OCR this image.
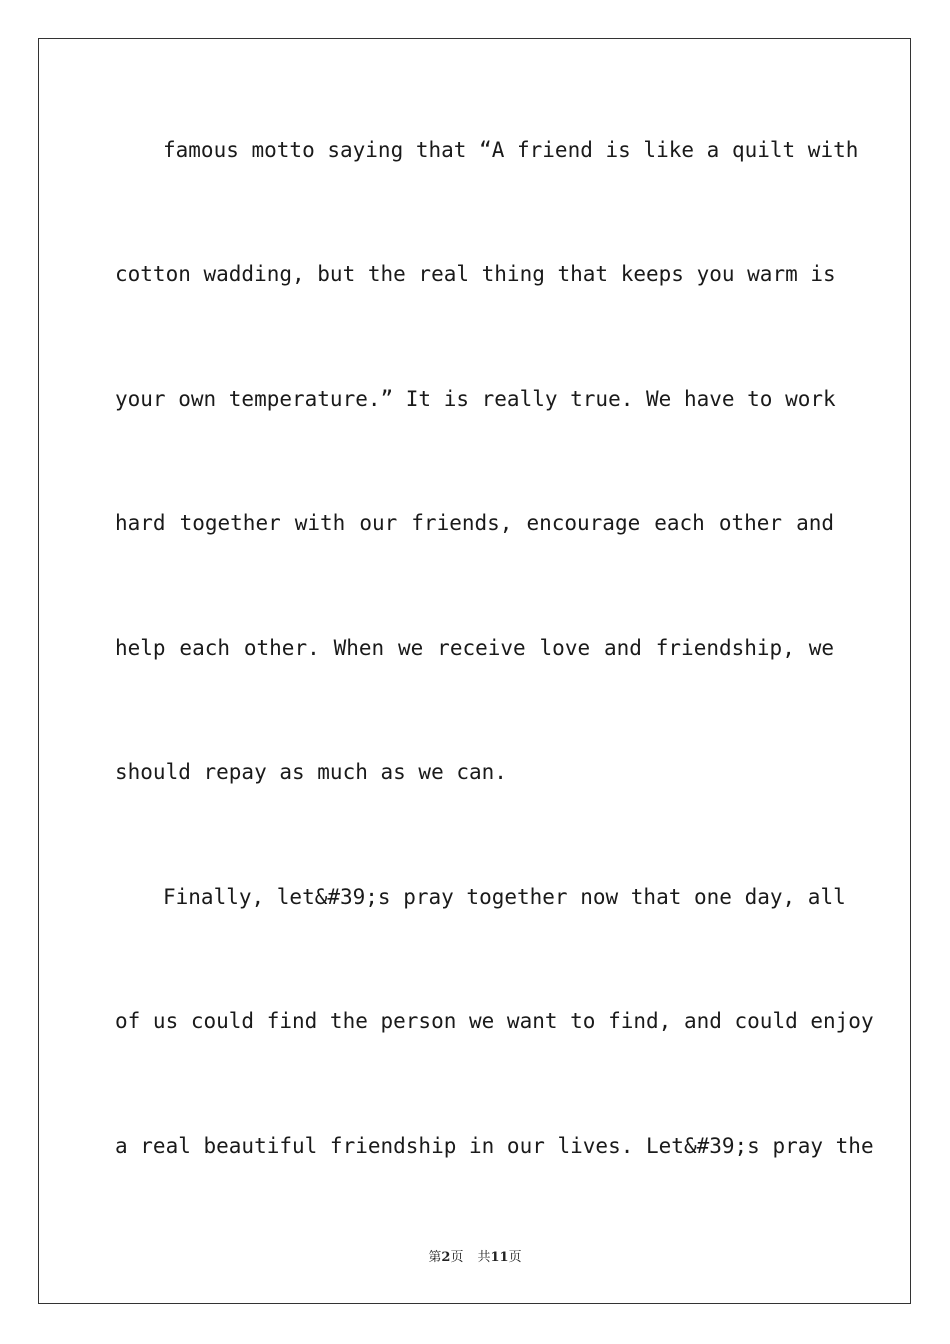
famous motto saying that “A friend is like a quilt with
cotton wadding, but the real thing that keeps you warm is
your own temperature.” It is really true. We have to work
hard together with our friends, encourage each other and
help each other. When we receive love and friendship, we
should repay as much as we can.
Finally, let&#39;s pray together now that one day, all
of us could find the person we want to find, and could enjoy
a real beautiful friendship in our lives. Let&#39;s pray the
第2页 共11页
